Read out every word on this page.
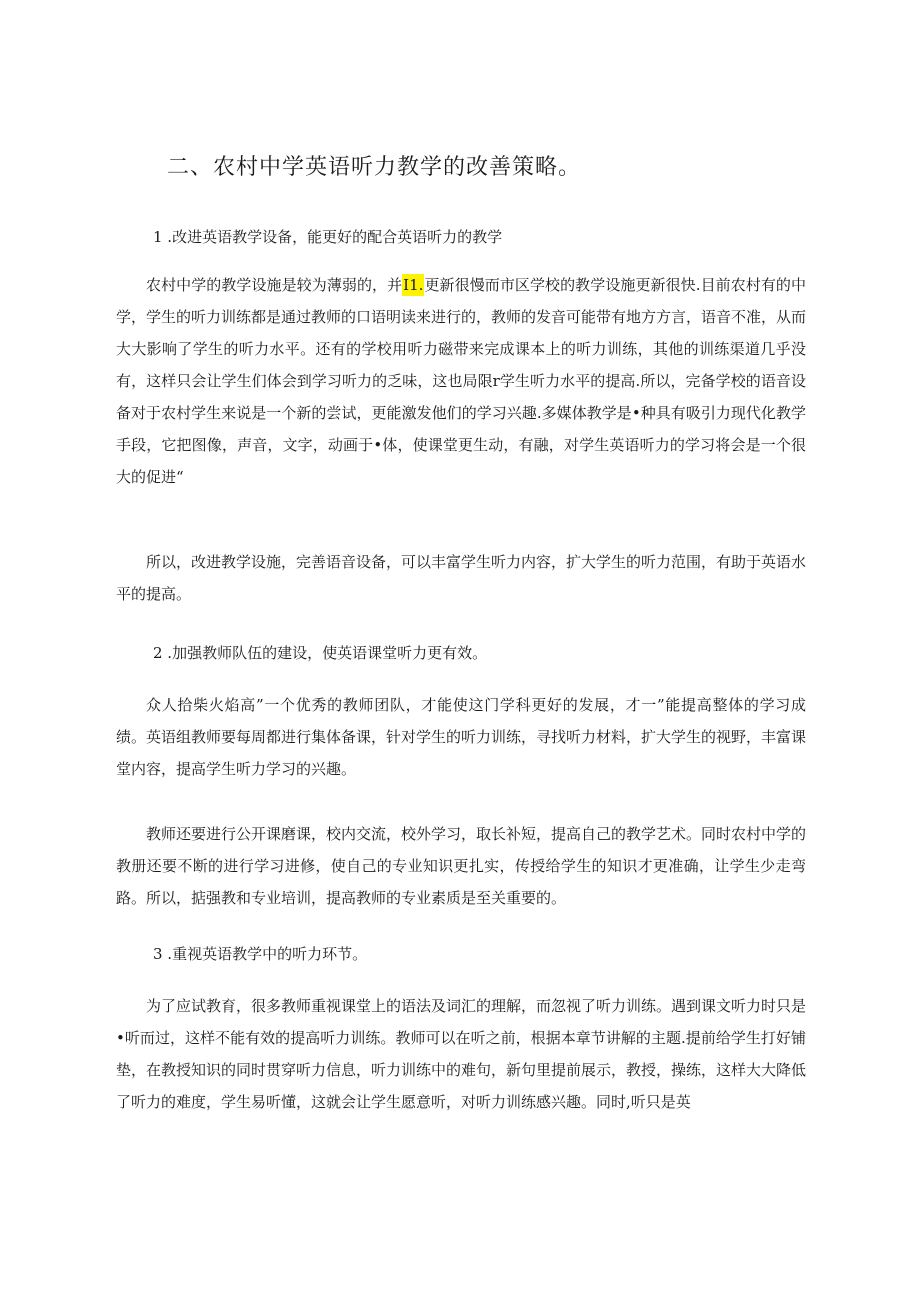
二、农村中学英语听力教学的改善策略。
1 .改进英语教学设备，能更好的配合英语听力的教学
农村中学的教学设施是较为薄弱的，并I1.更新很慢而市区学校的教学设施更新很快.目前农村有的中学，学生的听力训练都是通过教师的口语明读来进行的，教师的发音可能带有地方方言，语音不准，从而大大影响了学生的听力水平。还有的学校用听力磁带来完成课本上的听力训练，其他的训练渠道几乎没有，这样只会让学生们体会到学习听力的乏味，这也局限r学生听力水平的提高.所以，完备学校的语音设备对于农村学生来说是一个新的尝试，更能激发他们的学习兴趣.多媒体教学是•种具有吸引力现代化教学手段，它把图像，声音，文字，动画于•体，使课堂更生动，有融，对学生英语听力的学习将会是一个很大的促进“
所以，改进教学设施，完善语音设备，可以丰富学生听力内容，扩大学生的听力范围，有助于英语水平的提高。
2 .加强教师队伍的建设，使英语课堂听力更有效。
众人拾柴火焰高”一个优秀的教师团队，才能使这门学科更好的发展，才一”能提高整体的学习成绩。英语组教师要每周都进行集体备课，针对学生的听力训练，寻找听力材料，扩大学生的视野，丰富课堂内容，提高学生听力学习的兴趣。
教师还要进行公开课磨课，校内交流，校外学习，取长补短，提高自己的教学艺术。同时农村中学的教册还要不断的进行学习进修，使自己的专业知识更扎实，传授给学生的知识才更准确，让学生少走弯路。所以，掂强教和专业培训，提高教师的专业素质是至关重要的。
3 .重视英语教学中的听力环节。
为了应试教育，很多教师重视课堂上的语法及词汇的理解，而忽视了听力训练。遇到课文听力时只是•听而过，这样不能有效的提高听力训练。教师可以在听之前，根据本章节讲解的主题.提前给学生打好铺垫，在教授知识的同时贯穿听力信息，听力训练中的难句，新句里提前展示，教授，操练，这样大大降低了听力的难度，学生易听懂，这就会让学生愿意听，对听力训练感兴趣。同时,听只是英
